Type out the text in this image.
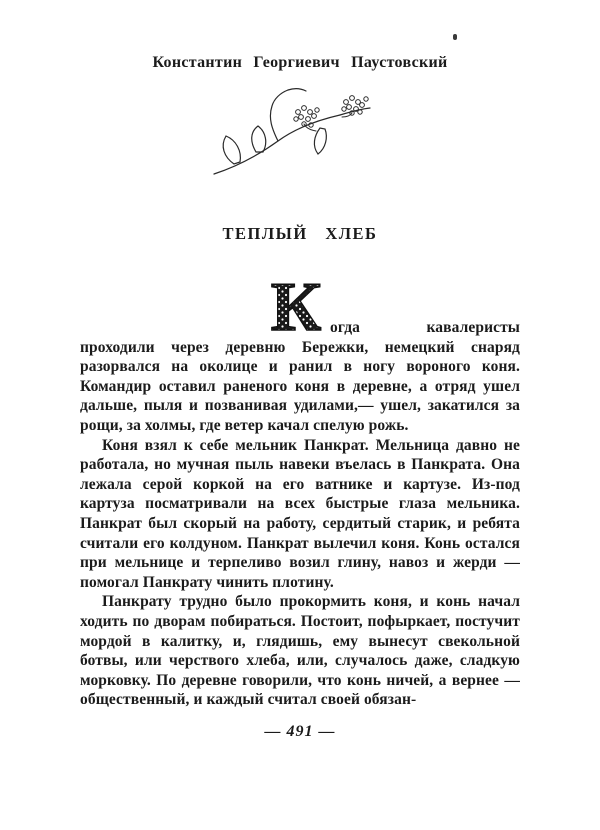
Константин Георгиевич Паустовский
ТЕПЛЫЙ ХЛЕБ

К огда кавалеристы проходили через деревню Бережки, немецкий снаряд разорвался на околице и ранил в ногу вороного коня. Командир оставил раненого коня в деревне, а отряд ушел дальше, пыля и позванивая удилами,— ушел, закатился за рощи, за холмы, где ветер качал спелую рожь.

Коня взял к себе мельник Панкрат. Мельница давно не работала, но мучная пыль навеки въелась в Панкрата. Она лежала серой коркой на его ватнике и картузе. Из-под картуза посматривали на всех быстрые глаза мельника. Панкрат был скорый на работу, сердитый старик, и ребята считали его колдуном. Панкрат вылечил коня. Конь остался при мельнице и терпеливо возил глину, навоз и жерди — помогал Панкрату чинить плотину.

Панкрату трудно было прокормить коня, и конь начал ходить по дворам побираться. Постоит, пофыркает, постучит мордой в калитку, и, глядишь, ему вынесут свекольной ботвы, или черствого хлеба, или, случалось даже, сладкую морковку. По деревне говорили, что конь ничей, а вернее — общественный, и каждый считал своей обязан-

— 491 —
